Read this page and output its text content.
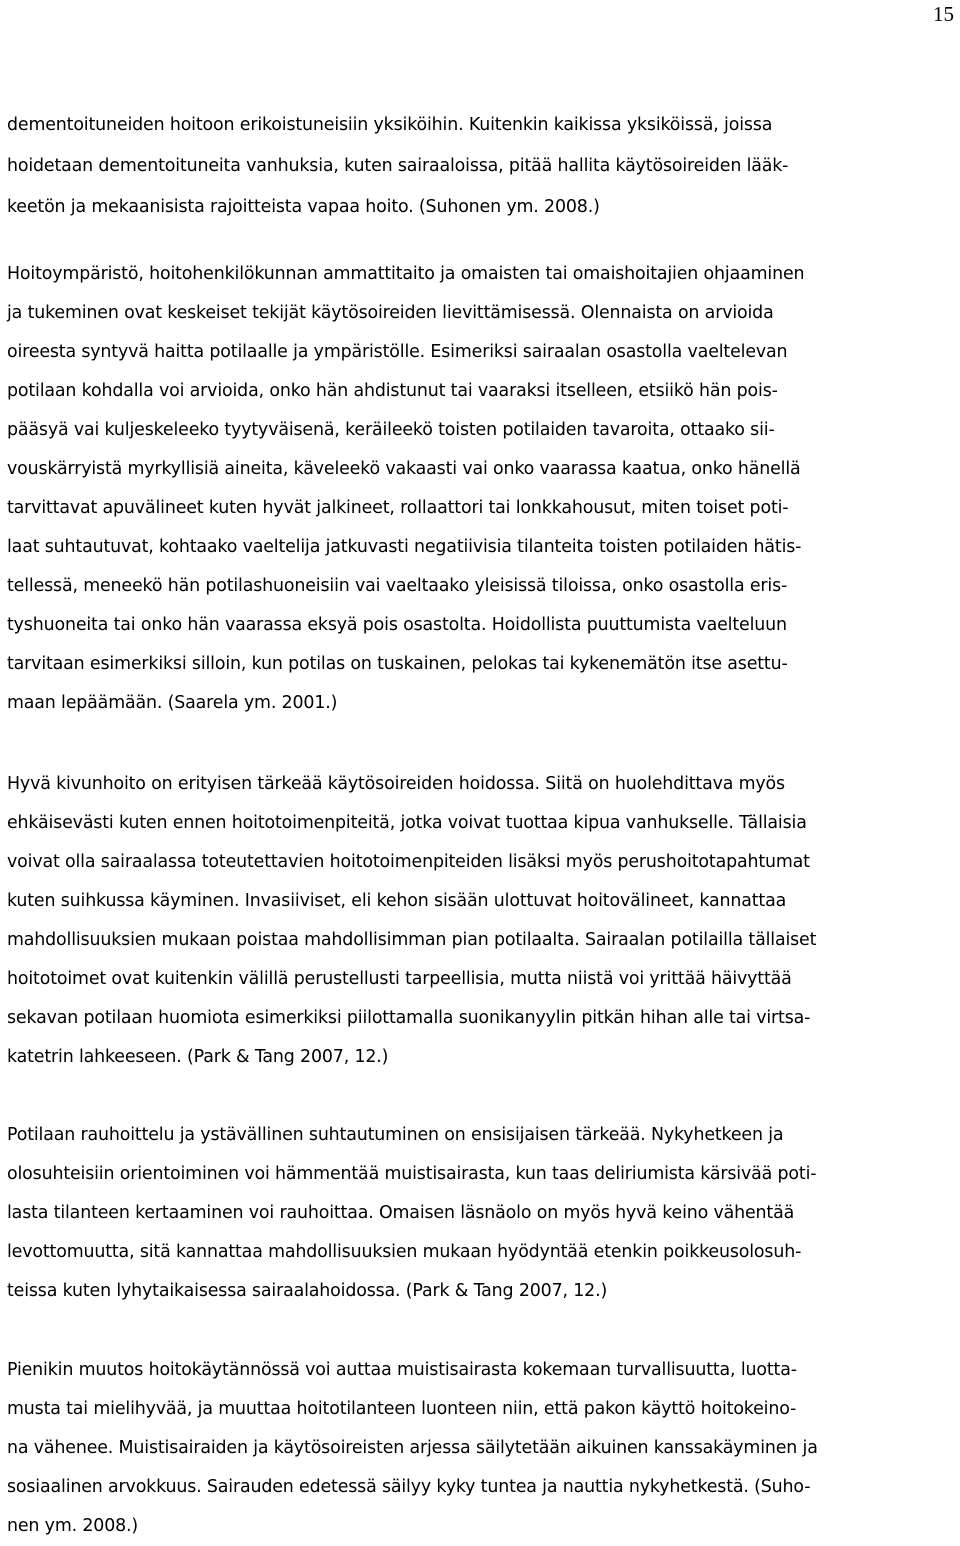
15
dementoituneiden hoitoon erikoistuneisiin yksiköihin. Kuitenkin kaikissa yksiköissä, joissa
hoidetaan dementoituneita vanhuksia, kuten sairaaloissa, pitää hallita käytösoireiden lääk-
keetön ja mekaanisista rajoitteista vapaa hoito. (Suhonen ym. 2008.)
Hoitoympäristö, hoitohenkilökunnan ammattitaito ja omaisten tai omaishoitajien ohjaaminen
ja tukeminen ovat keskeiset tekijät käytösoireiden lievittämisessä. Olennaista on arvioida
oireesta syntyvä haitta potilaalle ja ympäristölle. Esimeriksi sairaalan osastolla vaeltelevan
potilaan kohdalla voi arvioida, onko hän ahdistunut tai vaaraksi itselleen, etsiikö hän pois-
pääsyä vai kuljeskeleeko tyytyväisenä, keräileekö toisten potilaiden tavaroita, ottaako sii-
vouskärryistä myrkyllisiä aineita, käveleekö vakaasti vai onko vaarassa kaatua, onko hänellä
tarvittavat apuvälineet kuten hyvät jalkineet, rollaattori tai lonkkahousut, miten toiset poti-
laat suhtautuvat, kohtaako vaeltelija jatkuvasti negatiivisia tilanteita toisten potilaiden hätis-
tellessä, meneekö hän potilashuoneisiin vai vaeltaako yleisissä tiloissa, onko osastolla eris-
tyshuoneita tai onko hän vaarassa eksyä pois osastolta. Hoidollista puuttumista vaelteluun
tarvitaan esimerkiksi silloin, kun potilas on tuskainen, pelokas tai kykenemätön itse asettu-
maan lepäämään. (Saarela ym. 2001.)
Hyvä kivunhoito on erityisen tärkeää käytösoireiden hoidossa. Siitä on huolehdittava myös
ehkäisevästi kuten ennen hoitotoimenpiteitä, jotka voivat tuottaa kipua vanhukselle. Tällaisia
voivat olla sairaalassa toteutettavien hoitotoimenpiteiden lisäksi myös perushoitotapahtumat
kuten suihkussa käyminen. Invasiiviset, eli kehon sisään ulottuvat hoitovälineet, kannattaa
mahdollisuuksien mukaan poistaa mahdollisimman pian potilaalta. Sairaalan potilailla tällaiset
hoitotoimet ovat kuitenkin välillä perustellusti tarpeellisia, mutta niistä voi yrittää häivyttää
sekavan potilaan huomiota esimerkiksi piilottamalla suonikanyylin pitkän hihan alle tai virtsa-
katetrin lahkeeseen. (Park & Tang 2007, 12.)
Potilaan rauhoittelu ja ystävällinen suhtautuminen on ensisijaisen tärkeää. Nykyhetkeen ja
olosuhteisiin orientoiminen voi hämmentää muistisairasta, kun taas deliriumista kärsivää poti-
lasta tilanteen kertaaminen voi rauhoittaa. Omaisen läsnäolo on myös hyvä keino vähentää
levottomuutta, sitä kannattaa mahdollisuuksien mukaan hyödyntää etenkin poikkeusolosuh-
teissa kuten lyhytaikaisessa sairaalahoidossa. (Park & Tang 2007, 12.)
Pienikin muutos hoitokäytännössä voi auttaa muistisairasta kokemaan turvallisuutta, luotta-
musta tai mielihyvää, ja muuttaa hoitotilanteen luonteen niin, että pakon käyttö hoitokeino-
na vähenee. Muistisairaiden ja käytösoireisten arjessa säilytetään aikuinen kanssakäyminen ja
sosiaalinen arvokkuus. Sairauden edetessä säilyy kyky tuntea ja nauttia nykyhetkestä. (Suho-
nen ym. 2008.)
